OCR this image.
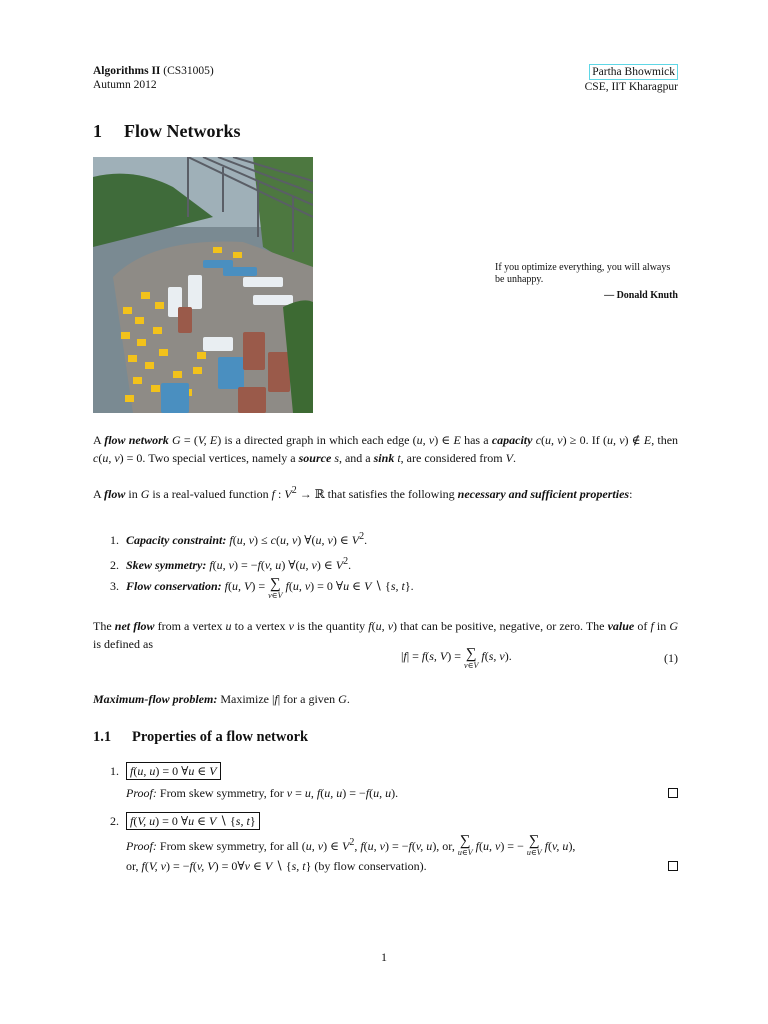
Algorithms II (CS31005)
Autumn 2012
Partha Bhowmick
CSE, IIT Kharagpur
1 Flow Networks
If you optimize everything, you will always be unhappy.
— Donald Knuth
A flow network G = (V, E) is a directed graph in which each edge (u, v) ∈ E has a capacity c(u, v) ≥ 0. If (u, v) ∉ E, then c(u, v) = 0. Two special vertices, namely a source s, and a sink t, are considered from V.
A flow in G is a real-valued function f : $V^2$ → ℝ that satisfies the following necessary and sufficient properties:
1. Capacity constraint: f(u, v) ≤ c(u, v) ∀(u, v) ∈ $V^2$.
2. Skew symmetry: f(u, v) = −f(v, u) ∀(u, v) ∈ $V^2$.
3. Flow conservation: f(u, V) = ∑
v∈V
f(u, v) = 0 ∀u ∈ V ∖ {s, t}.
The net flow from a vertex u to a vertex v is the quantity f(u, v) that can be positive, negative, or zero. The value of f in G is defined as
|f| = f(s, V) = ∑
v∈V
f(s, v).	(1)
Maximum-flow problem: Maximize |f| for a given G.
1.1 Properties of a flow network
1. f(u, u) = 0 ∀u ∈ V
Proof: From skew symmetry, for v = u, f(u, u) = −f(u, u).
2. f(V, u) = 0 ∀u ∈ V ∖ {s, t}
Proof: From skew symmetry, for all (u, v) ∈ $V^2$, f(u, v) = −f(v, u), or, ∑
u∈V f(u, v) = − ∑
u∈V f(v, u),
or, f(V, v) = −f(v, V) = 0∀v ∈ V ∖ {s, t} (by flow conservation).
1
